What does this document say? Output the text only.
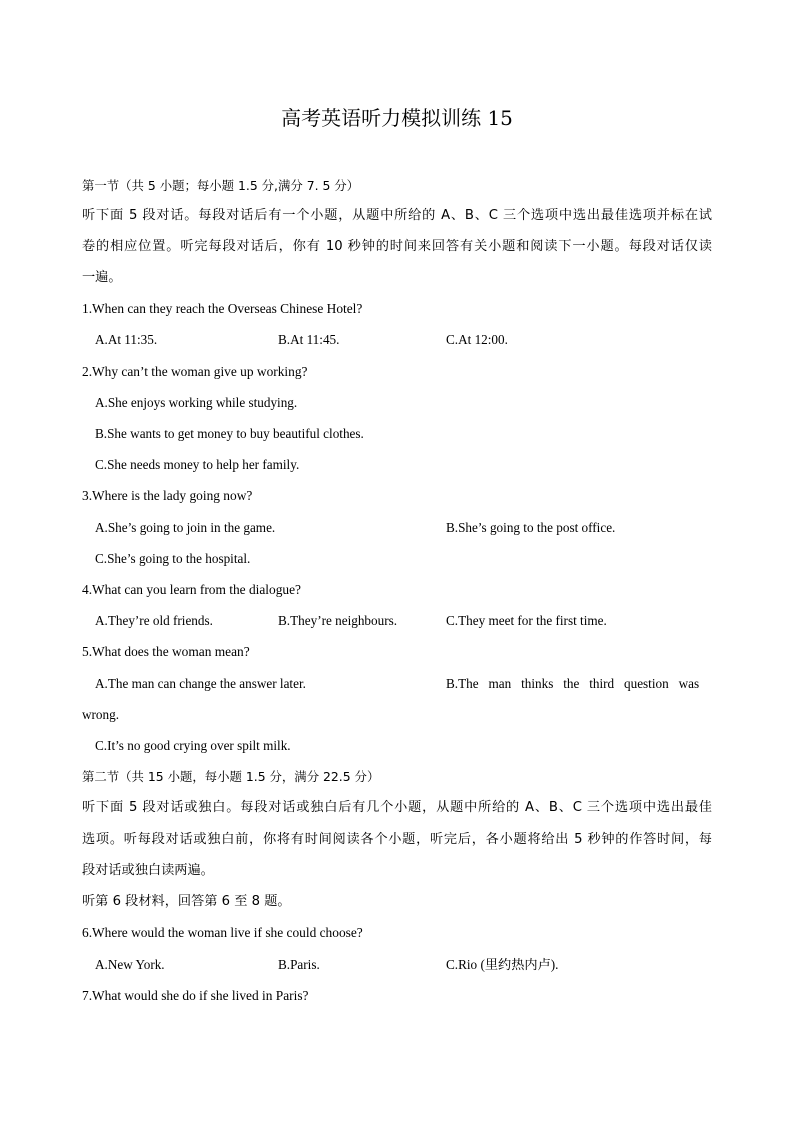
高考英语听力模拟训练 15
第一节（共 5 小题；每小题 1.5 分,满分 7. 5 分）
听下面 5 段对话。每段对话后有一个小题，从题中所给的 A、B、C 三个选项中选出最佳选项并标在试
卷的相应位置。听完每段对话后，你有 10 秒钟的时间来回答有关小题和阅读下一小题。每段对话仅读
一遍。
1.When can they reach the Overseas Chinese Hotel?
A.At 11:35.	B.At 11:45.	C.At 12:00.
2.Why can’t the woman give up working?
A.She enjoys working while studying.
B.She wants to get money to buy beautiful clothes.
C.She needs money to help her family.
3.Where is the lady going now?
A.She’s going to join in the game.	B.She’s going to the post office.
C.She’s going to the hospital.
4.What can you learn from the dialogue?
A.They’re old friends.	B.They’re neighbours.	C.They meet for the first time.
5.What does the woman mean?
A.The man can change the answer later.	B.The   man   thinks   the   third   question   was
wrong.
C.It’s no good crying over spilt milk.
第二节（共 15 小题，每小题 1.5 分，满分 22.5 分）
听下面 5 段对话或独白。每段对话或独白后有几个小题，从题中所给的 A、B、C 三个选项中选出最佳
选项。听每段对话或独白前，你将有时间阅读各个小题，听完后，各小题将给出 5 秒钟的作答时间，每
段对话或独白读两遍。
听第 6 段材料，回答第 6 至 8 题。
6.Where would the woman live if she could choose?
A.New York.	B.Paris.	C.Rio (里约热内卢).
7.What would she do if she lived in Paris?
